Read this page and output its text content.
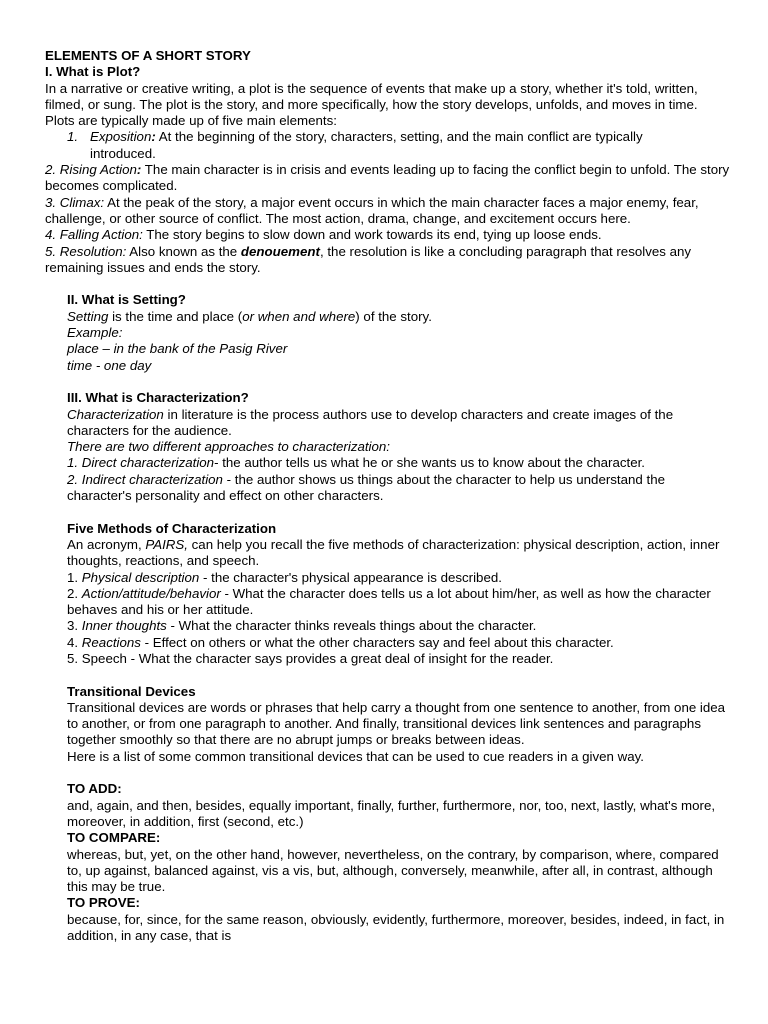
ELEMENTS OF A SHORT STORY

I. What is Plot?

In a narrative or creative writing, a plot is the sequence of events that make up a story, whether it's told, written, filmed, or sung. The plot is the story, and more specifically, how the story develops, unfolds, and moves in time.

Plots are typically made up of five main elements:

1. Exposition: At the beginning of the story, characters, setting, and the main conflict are typically
introduced.

2. Rising Action: The main character is in crisis and events leading up to facing the conflict begin to unfold. The story becomes complicated.

3. Climax: At the peak of the story, a major event occurs in which the main character faces a major enemy, fear, challenge, or other source of conflict. The most action, drama, change, and excitement occurs here.

4. Falling Action: The story begins to slow down and work towards its end, tying up loose ends.

5. Resolution: Also known as the denouement, the resolution is like a concluding paragraph that resolves any remaining issues and ends the story.

II. What is Setting?

Setting is the time and place (or when and where) of the story.

Example:

place – in the bank of the Pasig River

time - one day

III. What is Characterization?

Characterization in literature is the process authors use to develop characters and create images of the characters for the audience.

There are two different approaches to characterization:

1. Direct characterization- the author tells us what he or she wants us to know about the character.

2. Indirect characterization - the author shows us things about the character to help us understand the character's personality and effect on other characters.

Five Methods of Characterization

An acronym, PAIRS, can help you recall the five methods of characterization: physical description, action, inner thoughts, reactions, and speech.

1. Physical description - the character's physical appearance is described.

2. Action/attitude/behavior - What the character does tells us a lot about him/her, as well as how the character behaves and his or her attitude.

3. Inner thoughts - What the character thinks reveals things about the character.

4. Reactions - Effect on others or what the other characters say and feel about this character.

5. Speech - What the character says provides a great deal of insight for the reader.

Transitional Devices

Transitional devices are words or phrases that help carry a thought from one sentence to another, from one idea to another, or from one paragraph to another. And finally, transitional devices link sentences and paragraphs together smoothly so that there are no abrupt jumps or breaks between ideas.

Here is a list of some common transitional devices that can be used to cue readers in a given way.

TO ADD:

and, again, and then, besides, equally important, finally, further, furthermore, nor, too, next, lastly, what's more, moreover, in addition, first (second, etc.)

TO COMPARE:

whereas, but, yet, on the other hand, however, nevertheless, on the contrary, by comparison, where, compared to, up against, balanced against, vis a vis, but, although, conversely, meanwhile, after all, in contrast, although this may be true.

TO PROVE:

because, for, since, for the same reason, obviously, evidently, furthermore, moreover, besides, indeed, in fact, in addition, in any case, that is
